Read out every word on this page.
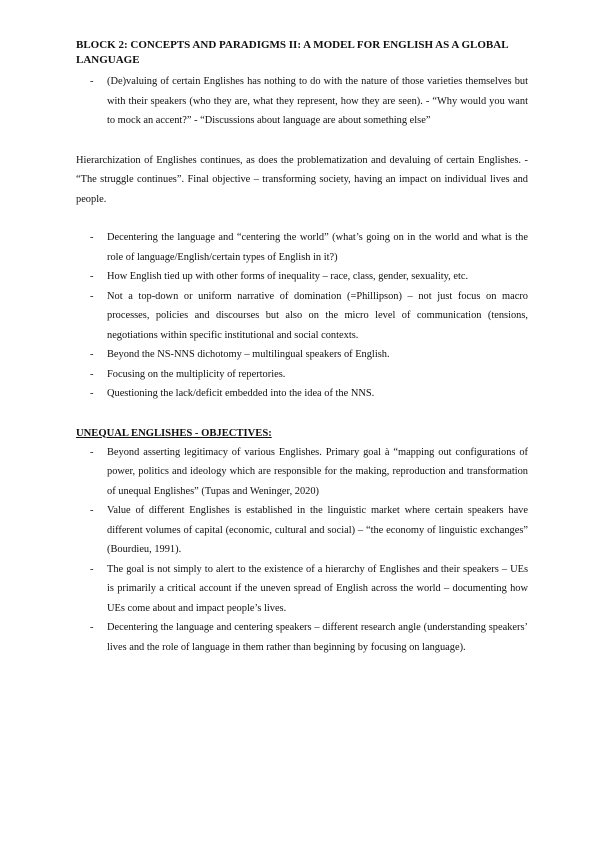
BLOCK 2: CONCEPTS AND PARADIGMS II: A MODEL FOR ENGLISH AS A GLOBAL LANGUAGE
- (De)valuing of certain Englishes has nothing to do with the nature of those varieties themselves but with their speakers (who they are, what they represent, how they are seen). - “Why would you want to mock an accent?” - “Discussions about language are about something else”

Hierarchization of Englishes continues, as does the problematization and devaluing of certain Englishes. - “The struggle continues”. Final objective – transforming society, having an impact on individual lives and people.

- Decentering the language and “centering the world” (what’s going on in the world and what is the role of language/English/certain types of English in it?)
- How English tied up with other forms of inequality – race, class, gender, sexuality, etc.
- Not a top-down or uniform narrative of domination (=Phillipson) – not just focus on macro processes, policies and discourses but also on the micro level of communication (tensions, negotiations within specific institutional and social contexts.
- Beyond the NS-NNS dichotomy – multilingual speakers of English.
- Focusing on the multiplicity of repertories.
- Questioning the lack/deficit embedded into the idea of the NNS.
UNEQUAL ENGLISHES - OBJECTIVES:
- Beyond asserting legitimacy of various Englishes. Primary goal à “mapping out configurations of power, politics and ideology which are responsible for the making, reproduction and transformation of unequal Englishes” (Tupas and Weninger, 2020)
- Value of different Englishes is established in the linguistic market where certain speakers have different volumes of capital (economic, cultural and social) – “the economy of linguistic exchanges” (Bourdieu, 1991).
- The goal is not simply to alert to the existence of a hierarchy of Englishes and their speakers – UEs is primarily a critical account if the uneven spread of English across the world – documenting how UEs come about and impact people’s lives.
- Decentering the language and centering speakers – different research angle (understanding speakers’ lives and the role of language in them rather than beginning by focusing on language).
